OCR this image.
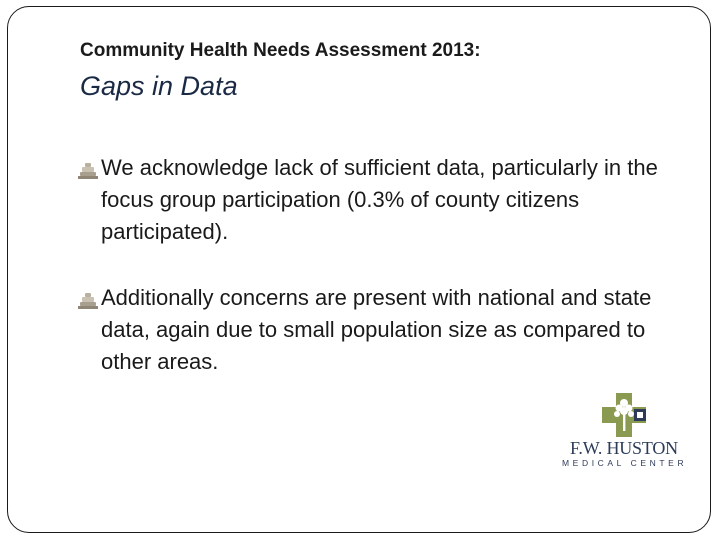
Community Health Needs Assessment 2013:
Gaps in Data
We acknowledge lack of sufficient data, particularly in the focus group participation (0.3% of county citizens participated).
Additionally concerns are present with national and state data, again due to small population size as compared to other areas.
F.W. HUSTON
MEDICAL CENTER
